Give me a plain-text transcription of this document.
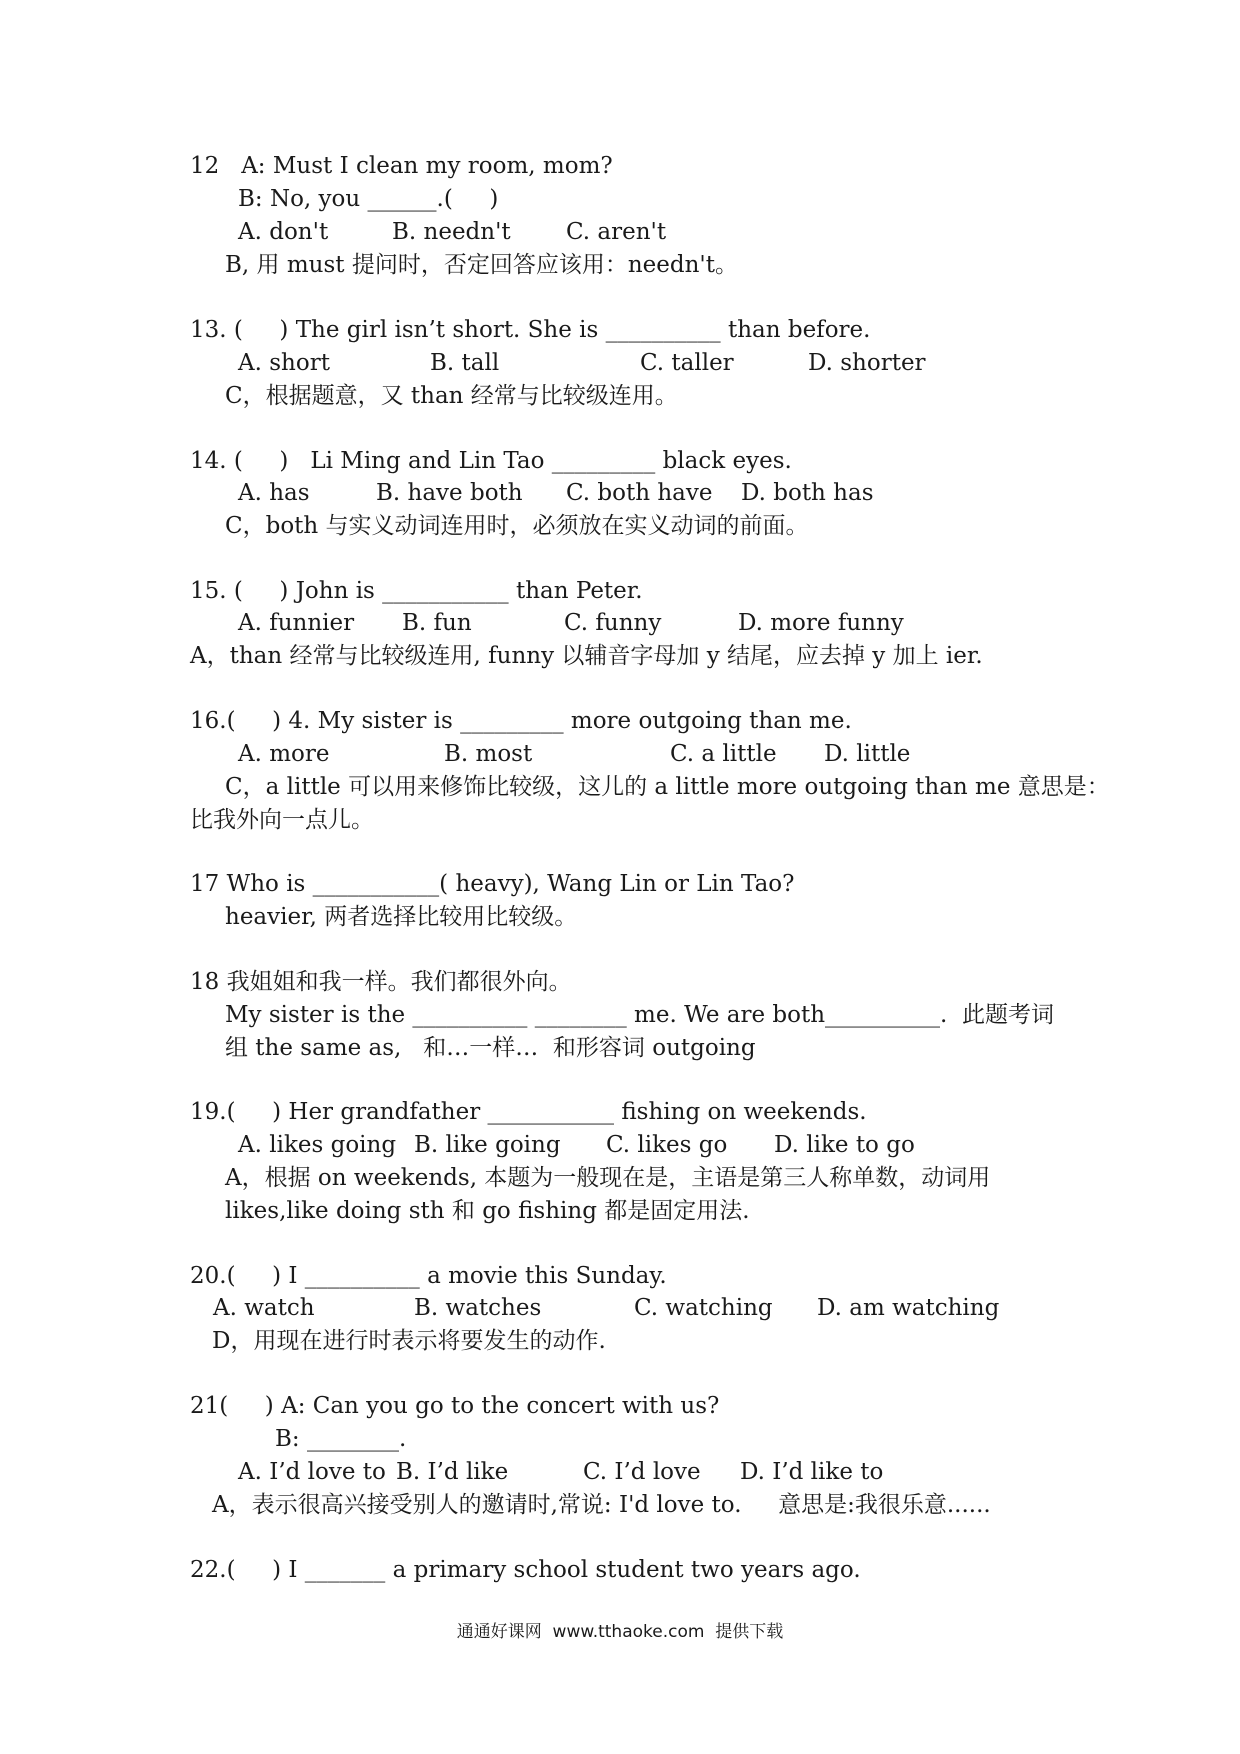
12   A: Must I clean my room, mom?
B: No, you ______.(     )
A. don't	B. needn't C. aren't
B, 用 must 提问时，否定回答应该用：needn't。
13. (     ) The girl isn’t short. She is __________ than before.
A. short	B. tall	C. taller	D. shorter
C，根据题意，又 than 经常与比较级连用。
14. (     )   Li Ming and Lin Tao _________ black eyes.
A. has	B. have both C. both have D. both has
C，both 与实义动词连用时，必须放在实义动词的前面。
15. (     ) John is ___________ than Peter.
A. funnier B. fun	C. funny	D. more funny
A，than 经常与比较级连用, funny 以辅音字母加 y 结尾，应去掉 y 加上 ier.
16.(     ) 4. My sister is _________ more outgoing than me.
A. more	B. most	C. a little D. little
C，a little 可以用来修饰比较级，这儿的 a little more outgoing than me 意思是：
比我外向一点儿。
17 Who is ___________( heavy), Wang Lin or Lin Tao?
heavier, 两者选择比较用比较级。
18 我姐姐和我一样。我们都很外向。
My sister is the __________ ________ me. We are both__________.  此题考词
组 the same as,   和…一样…  和形容词 outgoing
19.(     ) Her grandfather ___________ fishing on weekends.
A. likes going B. like going C. likes go D. like to go
A，根据 on weekends, 本题为一般现在是，主语是第三人称单数，动词用
likes,like doing sth 和 go fishing 都是固定用法.
20.(     ) I __________ a movie this Sunday.
A. watch	B. watches	C. watching D. am watching
D，用现在进行时表示将要发生的动作.
21(     ) A: Can you go to the concert with us?
B: ________.
A. I’d love to B. I’d like	C. I’d love D. I’d like to
A，表示很高兴接受别人的邀请时,常说: I'd love to.     意思是:我很乐意......
22.(     ) I _______ a primary school student two years ago.
通通好课网  www.tthaoke.com  提供下载
